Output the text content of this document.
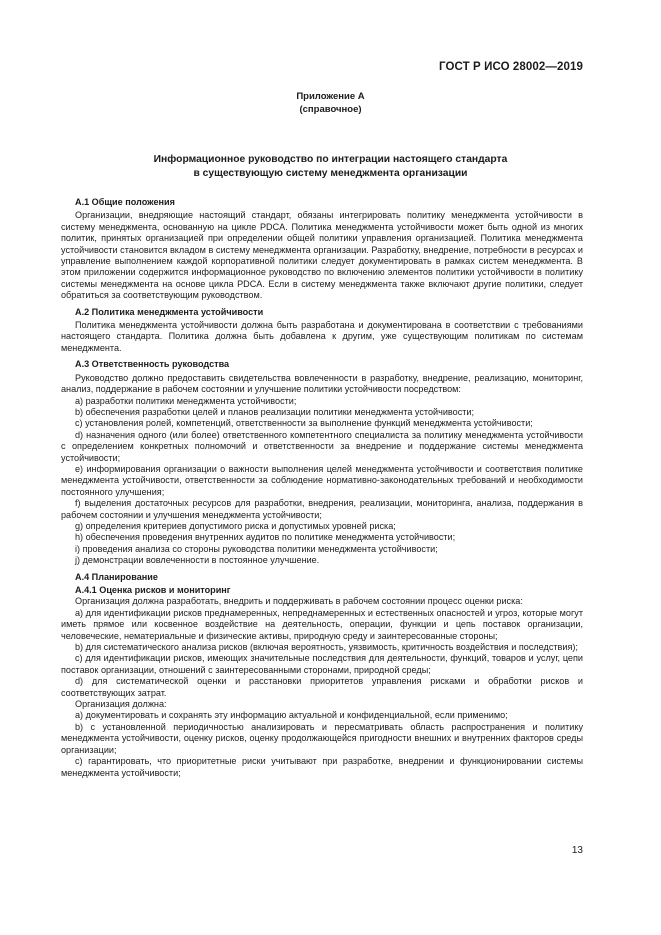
ГОСТ Р ИСО 28002—2019
Приложение А
(справочное)
Информационное руководство по интеграции настоящего стандарта
в существующую систему менеджмента организации
А.1 Общие положения

Организации, внедряющие настоящий стандарт, обязаны интегрировать политику менеджмента устойчивости в систему менеджмента, основанную на цикле PDCA. Политика менеджмента устойчивости может быть одной из многих политик, принятых организацией при определении общей политики управления организацией. Политика менеджмента устойчивости становится вкладом в систему менеджмента организации. Разработку, внедрение, потребности в ресурсах и управление выполнением каждой корпоративной политики следует документировать в рамках систем менеджмента. В этом приложении содержится информационное руководство по включению элементов политики устойчивости в политику системы менеджмента на основе цикла PDCA. Если в систему менеджмента также включают другие политики, следует обратиться за соответствующим руководством.

А.2 Политика менеджмента устойчивости

Политика менеджмента устойчивости должна быть разработана и документирована в соответствии с требованиями настоящего стандарта. Политика должна быть добавлена к другим, уже существующим политикам по системам менеджмента.

А.3 Ответственность руководства

Руководство должно предоставить свидетельства вовлеченности в разработку, внедрение, реализацию, мониторинг, анализ, поддержание в рабочем состоянии и улучшение политики устойчивости посредством:

a) разработки политики менеджмента устойчивости;

b) обеспечения разработки целей и планов реализации политики менеджмента устойчивости;

c) установления ролей, компетенций, ответственности за выполнение функций менеджмента устойчивости;

d) назначения одного (или более) ответственного компетентного специалиста за политику менеджмента устойчивости с определением конкретных полномочий и ответственности за внедрение и поддержание системы менеджмента устойчивости;

e) информирования организации о важности выполнения целей менеджмента устойчивости и соответствия политике менеджмента устойчивости, ответственности за соблюдение нормативно-законодательных требований и необходимости постоянного улучшения;

f) выделения достаточных ресурсов для разработки, внедрения, реализации, мониторинга, анализа, поддержания в рабочем состоянии и улучшения менеджмента устойчивости;

g) определения критериев допустимого риска и допустимых уровней риска;

h) обеспечения проведения внутренних аудитов по политике менеджмента устойчивости;

i) проведения анализа со стороны руководства политики менеджмента устойчивости;

j) демонстрации вовлеченности в постоянное улучшение.

А.4 Планирование
А.4.1 Оценка рисков и мониторинг

Организация должна разработать, внедрить и поддерживать в рабочем состоянии процесс оценки риска:

a) для идентификации рисков преднамеренных, непреднамеренных и естественных опасностей и угроз, которые могут иметь прямое или косвенное воздействие на деятельность, операции, функции и цепь поставок организации, человеческие, нематериальные и физические активы, природную среду и заинтересованные стороны;

b) для систематического анализа рисков (включая вероятность, уязвимость, критичность воздействия и последствия);

c) для идентификации рисков, имеющих значительные последствия для деятельности, функций, товаров и услуг, цепи поставок организации, отношений с заинтересованными сторонами, природной среды;

d) для систематической оценки и расстановки приоритетов управления рисками и обработки рисков и соответствующих затрат.

Организация должна:

a) документировать и сохранять эту информацию актуальной и конфиденциальной, если применимо;

b) с установленной периодичностью анализировать и пересматривать область распространения и политику менеджмента устойчивости, оценку рисков, оценку продолжающейся пригодности внешних и внутренних факторов среды организации;

c) гарантировать, что приоритетные риски учитывают при разработке, внедрении и функционировании системы менеджмента устойчивости;

13
